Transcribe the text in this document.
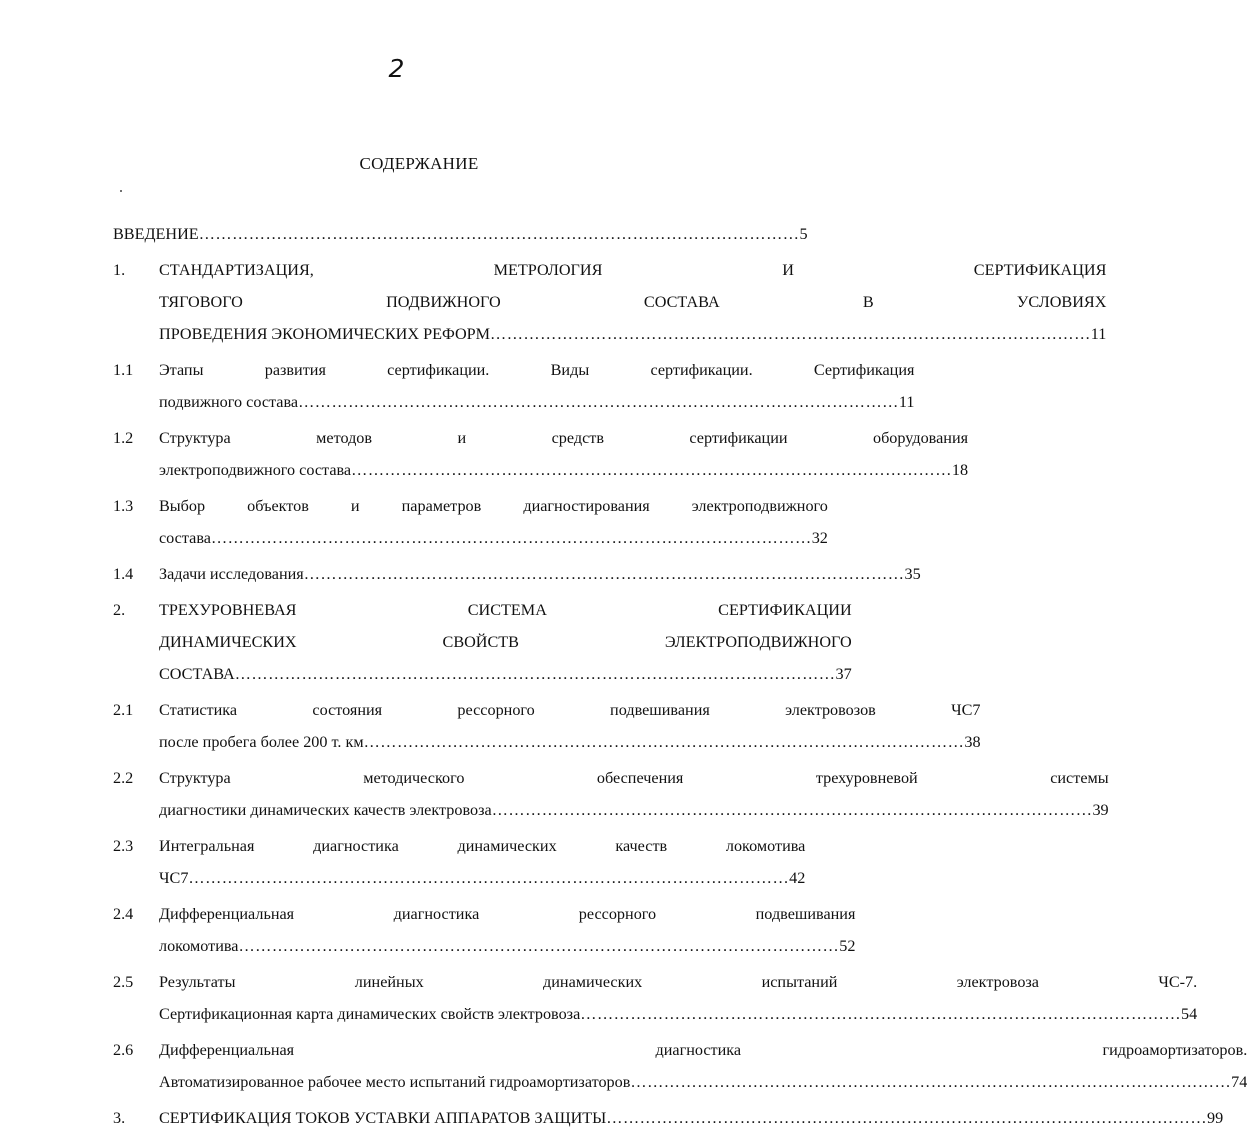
2
СОДЕРЖАНИЕ
ВВЕДЕНИЕ ………………………………………………………………………………………………	5
1.	СТАНДАРТИЗАЦИЯ, МЕТРОЛОГИЯ И СЕРТИФИКАЦИЯ
ТЯГОВОГО ПОДВИЖНОГО СОСТАВА В УСЛОВИЯХ
ПРОВЕДЕНИЯ ЭКОНОМИЧЕСКИХ РЕФОРМ ………………………………………………………………………………………………	11
1.1	Этапы развития сертификации. Виды сертификации. Сертификация
подвижного состава ………………………………………………………………………………………………	11
1.2	Структура методов и средств сертификации оборудования
электроподвижного состава ………………………………………………………………………………………………	18
1.3	Выбор объектов и параметров диагностирования электроподвижного
состава ………………………………………………………………………………………………	32
1.4	Задачи исследования ………………………………………………………………………………………………	35
2.	ТРЕХУРОВНЕВАЯ СИСТЕМА СЕРТИФИКАЦИИ
ДИНАМИЧЕСКИХ СВОЙСТВ ЭЛЕКТРОПОДВИЖНОГО
СОСТАВА ………………………………………………………………………………………………	37
2.1	Статистика состояния рессорного подвешивания электровозов ЧС7
после пробега более 200 т. км ………………………………………………………………………………………………	38
2.2	Структура методического обеспечения трехуровневой системы
диагностики динамических качеств электровоза ………………………………………………………………………………………………	39
2.3	Интегральная диагностика динамических качеств локомотива
ЧС7 ………………………………………………………………………………………………	42
2.4	Дифференциальная диагностика рессорного подвешивания
локомотива ………………………………………………………………………………………………	52
2.5	Результаты линейных динамических испытаний электровоза ЧС-7.
Сертификационная карта динамических свойств электровоза ………………………………………………………………………………………………	54
2.6	Дифференциальная диагностика гидроамортизаторов.
Автоматизированное рабочее место испытаний гидроамортизаторов ………………………………………………………………………………………………	74
3.	СЕРТИФИКАЦИЯ ТОКОВ УСТАВКИ АППАРАТОВ ЗАЩИТЫ ………………………………………………………………………………………………	99
